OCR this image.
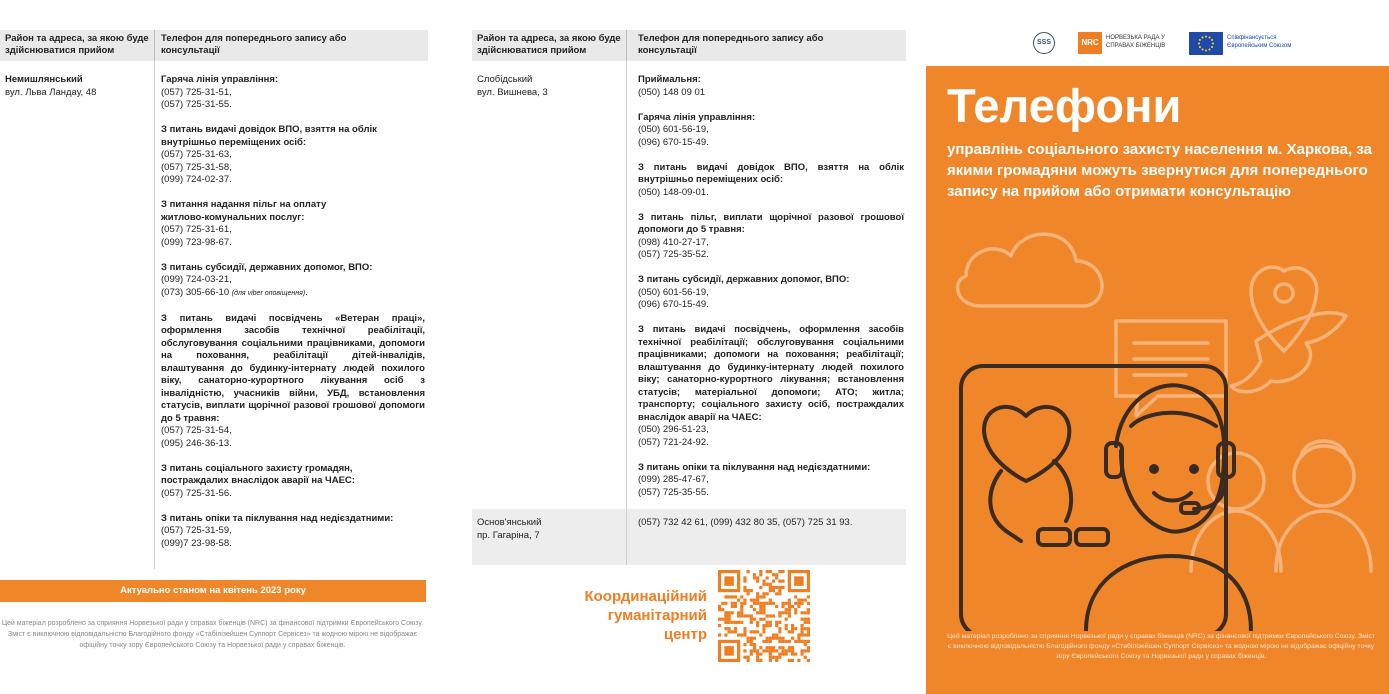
Район та адреса, за якою буде здійснюватися прийом
Телефон для попереднього запису або консультації
Немишлянський
вул. Льва Ландау, 48
Гаряча лінія управління:
(057) 725-31-51,
(057) 725-31-55.
З питань видачі довідок ВПО, взяття на облік внутрішньо переміщених осіб:
(057) 725-31-63,
(057) 725-31-58,
(099) 724-02-37.
З питання надання пільг на оплату житлово-комунальних послуг:
(057) 725-31-61,
(099) 723-98-67.
З питань субсидії, державних допомог, ВПО:
(099) 724-03-21,
(073) 305-66-10 (для viber оповіщення).
З питань видачі посвідчень «Ветеран праці», оформлення засобів технічної реабілітації, обслуговування соціальними працівниками, допомоги на поховання, реабілітації дітей-інвалідів, влаштування до будинку-інтернату людей похилого віку, санаторно-курортного лікування осіб з інвалідністю, учасників війни, УБД, встановлення статусів, виплати щорічної разової грошової допомоги до 5 травня:
(057) 725-31-54,
(095) 246-36-13.
З питань соціального захисту громадян, постраждалих внаслідок аварії на ЧАЕС:
(057) 725-31-56.
З питань опіки та піклування над недієздатними:
(057) 725-31-59,
(099)7 23-98-58.
Актуально станом на квітень 2023 року
Цей матеріал розроблено за сприяння Норвезької ради у справах біженців (NRC) за фінансової підтримки Європейського Союзу. Зміст є виключною відповідальністю Благодійного фонду «Стабілізейшен Суппорт Сервісез» та жодною мірою не відображає офіційну точку зору Європейського Союзу та Норвезької ради у справах біженців.
Район та адреса, за якою буде здійснюватися прийом
Телефон для попереднього запису або консультації
Слобідський
вул. Вишнева, 3
Приймальня:
(050) 148 09 01
Гаряча лінія управління:
(050) 601-56-19,
(096) 670-15-49.
З питань видачі довідок ВПО, взяття на облік внутрішньо переміщених осіб:
(050) 148-09-01.
З питань пільг, виплати щорічної разової грошової допомоги до 5 травня:
(098) 410-27-17,
(057) 725-35-52.
З питань субсидії, державних допомог, ВПО:
(050) 601-56-19,
(096) 670-15-49.
З питань видачі посвідчень, оформлення засобів технічної реабілітації; обслуговування соціальними працівниками; допомоги на поховання; реабілітації; влаштування до будинку-інтернату людей похилого віку; санаторно-курортного лікування; встановлення статусів; матеріальної допомоги; АТО; житла; транспорту; соціального захисту осіб, постраждалих внаслідок аварії на ЧАЕС:
(050) 296-51-23,
(057) 721-24-92.
З питань опіки та піклування над недієздатними:
(099) 285-47-67,
(057) 725-35-55.
Основ'янський
пр. Гагаріна, 7
(057) 732 42 61, (099) 432 80 35, (057) 725 31 93.
Координаційний гуманітарний центр
SSS	NRC	НОРВЕЗЬКА РАДА У СПРАВАХ БІЖЕНЦІВ
Співфінансується Європейським Союзом
Телефони
управлінь соціального захисту населення м. Харкова, за якими громадяни можуть звернутися для попереднього запису на прийом або отримати консультацію
Цей матеріал розроблено за сприяння Норвезької ради у справах біженців (NRC) за фінансової підтримки Європейського Союзу. Зміст є виключною відповідальністю Благодійного фонду «Стабілізейшен Суппорт Сервісез» та жодною мірою не відображає офіційну точку зору Європейського Союзу та Норвезької ради у справах біженців.
